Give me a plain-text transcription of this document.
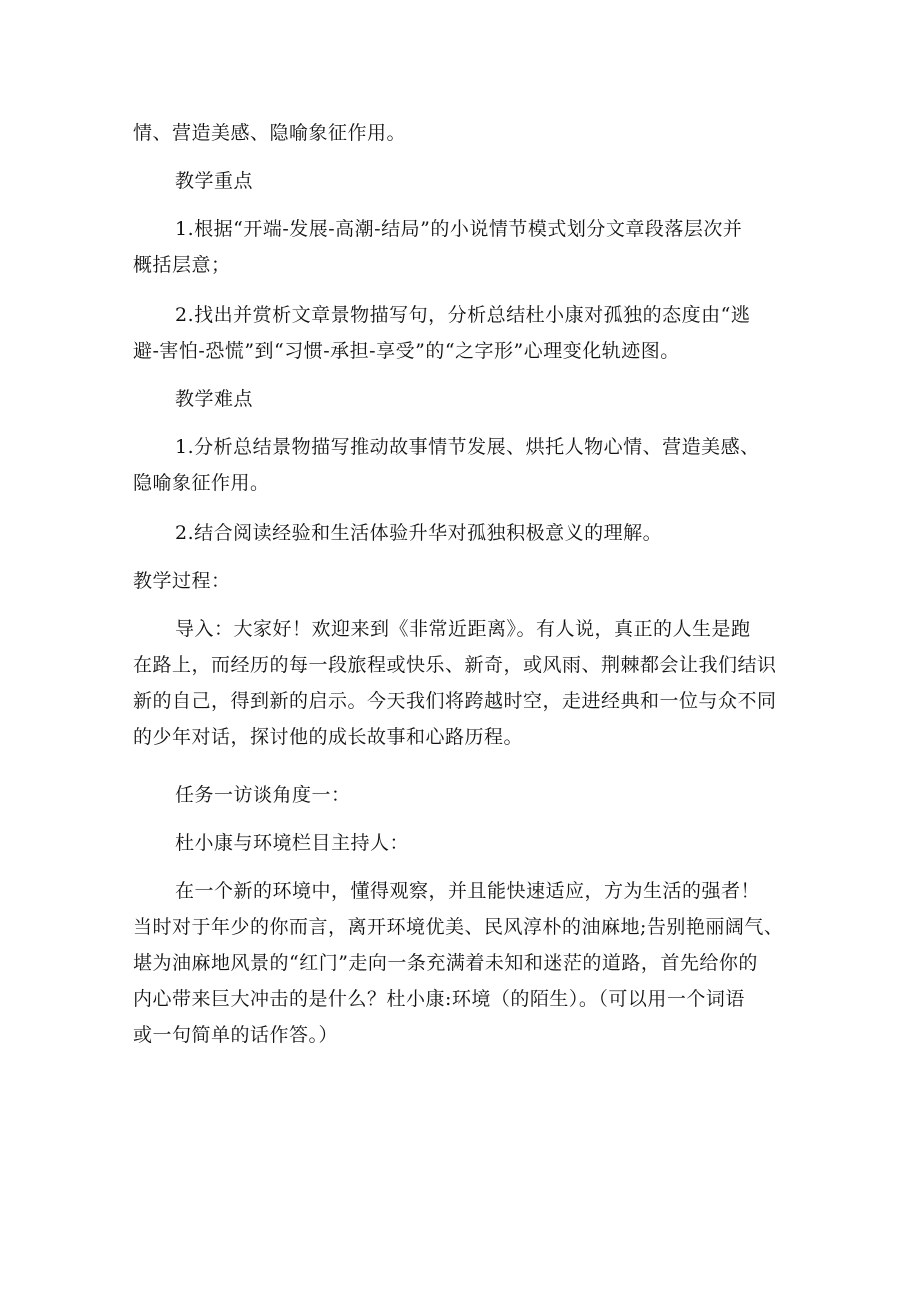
情、营造美感、隐喻象征作用。
教学重点
1.根据“开端-发展-高潮-结局”的小说情节模式划分文章段落层次并
概括层意；
2.找出并赏析文章景物描写句，分析总结杜小康对孤独的态度由“逃
避-害怕-恐慌”到“习惯-承担-享受”的“之字形”心理变化轨迹图。
教学难点
1.分析总结景物描写推动故事情节发展、烘托人物心情、营造美感、
隐喻象征作用。
2.结合阅读经验和生活体验升华对孤独积极意义的理解。
教学过程：
导入：大家好！欢迎来到《非常近距离》。有人说，真正的人生是跑
在路上，而经历的每一段旅程或快乐、新奇，或风雨、荆棘都会让我们结识
新的自己，得到新的启示。今天我们将跨越时空，走进经典和一位与众不同
的少年对话，探讨他的成长故事和心路历程。
任务一访谈角度一：
杜小康与环境栏目主持人：
在一个新的环境中，懂得观察，并且能快速适应，方为生活的强者！
当时对于年少的你而言，离开环境优美、民风淳朴的油麻地;告别艳丽阔气、
堪为油麻地风景的“红门”走向一条充满着未知和迷茫的道路，首先给你的
内心带来巨大冲击的是什么？杜小康:环境（的陌生）。（可以用一个词语
或一句简单的话作答。）
